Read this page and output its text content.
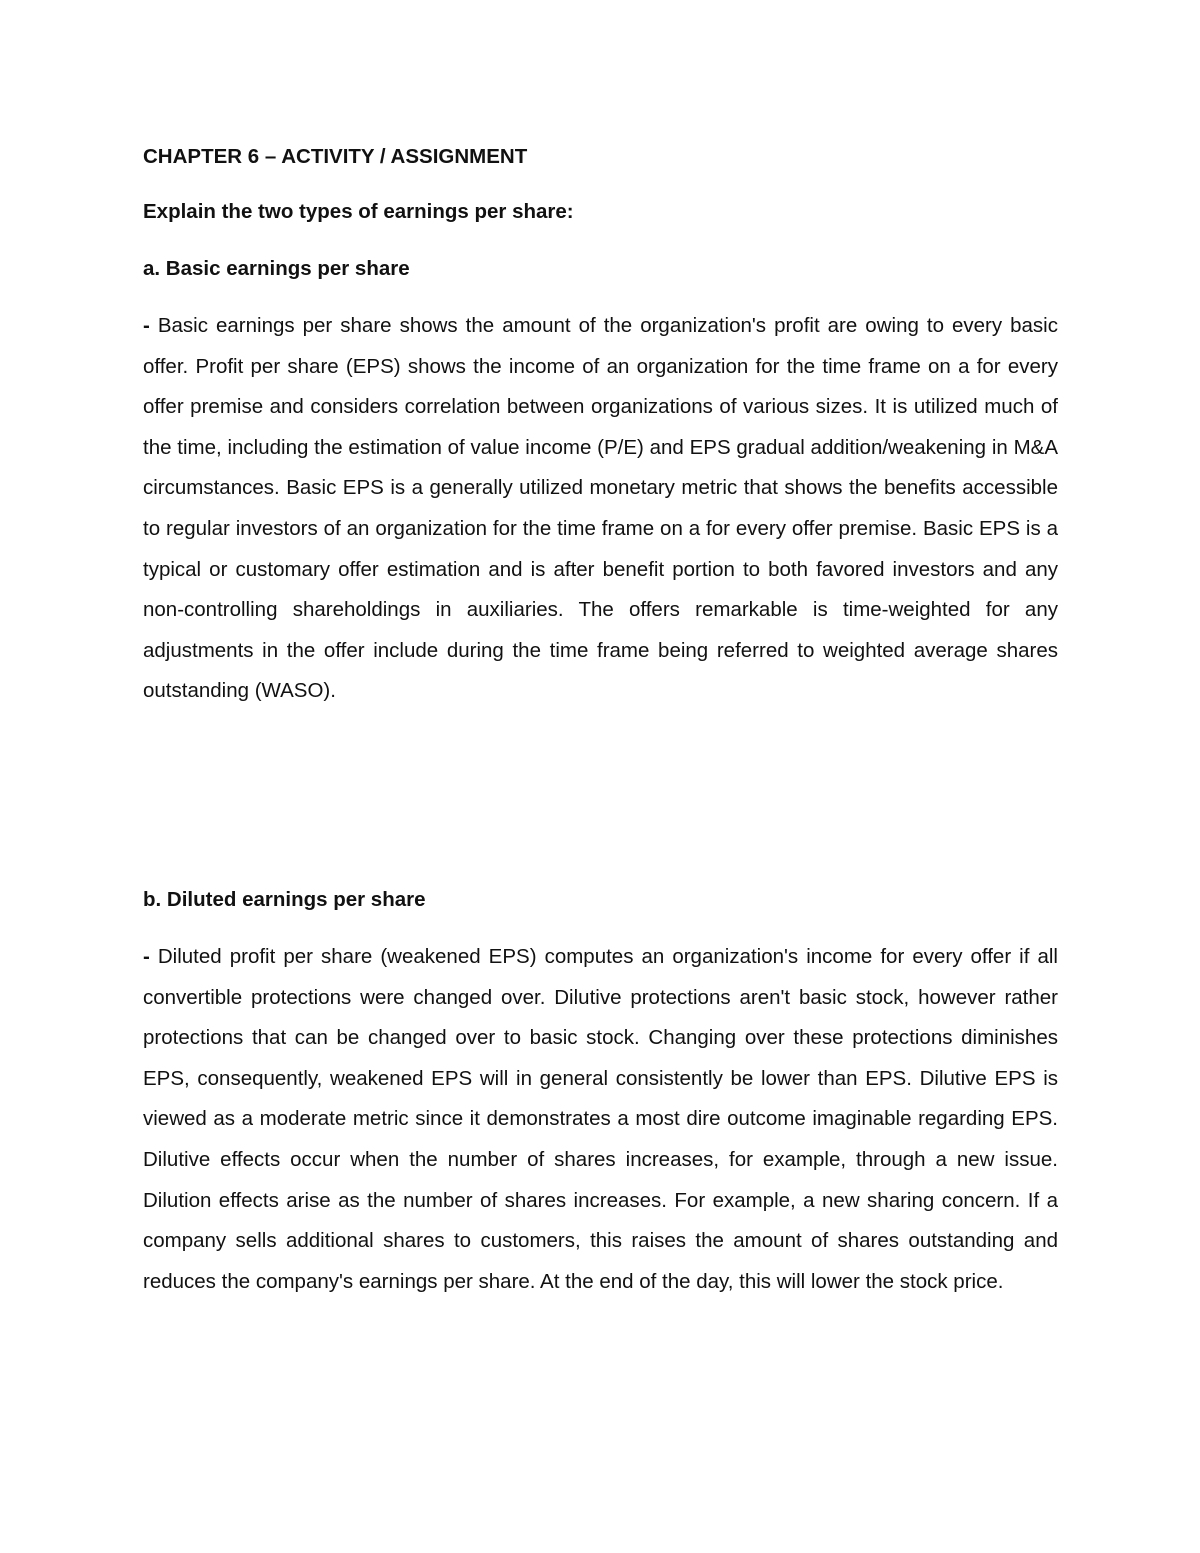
CHAPTER 6 – ACTIVITY / ASSIGNMENT
Explain the two types of earnings per share:
a. Basic earnings per share

- Basic earnings per share shows the amount of the organization's profit are owing to every basic offer. Profit per share (EPS) shows the income of an organization for the time frame on a for every offer premise and considers correlation between organizations of various sizes. It is utilized much of the time, including the estimation of value income (P/E) and EPS gradual addition/weakening in M&A circumstances. Basic EPS is a generally utilized monetary metric that shows the benefits accessible to regular investors of an organization for the time frame on a for every offer premise. Basic EPS is a typical or customary offer estimation and is after benefit portion to both favored investors and any non-controlling shareholdings in auxiliaries. The offers remarkable is time-weighted for any adjustments in the offer include during the time frame being referred to weighted average shares outstanding (WASO).

b. Diluted earnings per share

- Diluted profit per share (weakened EPS) computes an organization's income for every offer if all convertible protections were changed over. Dilutive protections aren't basic stock, however rather protections that can be changed over to basic stock. Changing over these protections diminishes EPS, consequently, weakened EPS will in general consistently be lower than EPS. Dilutive EPS is viewed as a moderate metric since it demonstrates a most dire outcome imaginable regarding EPS. Dilutive effects occur when the number of shares increases, for example, through a new issue. Dilution effects arise as the number of shares increases. For example, a new sharing concern. If a company sells additional shares to customers, this raises the amount of shares outstanding and reduces the company's earnings per share. At the end of the day, this will lower the stock price.
